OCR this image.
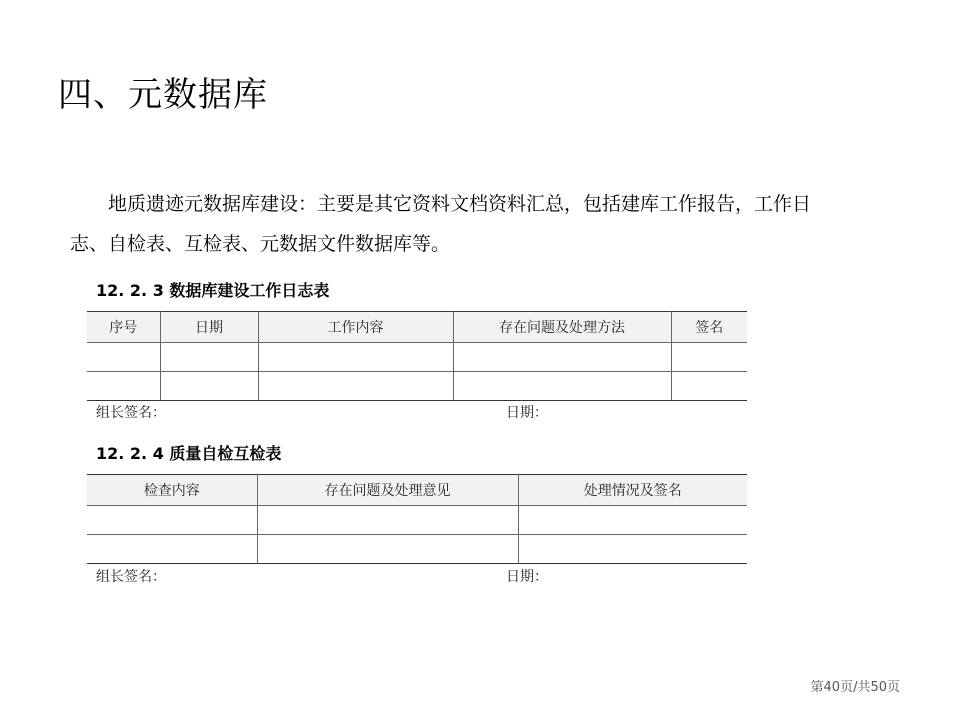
四、元数据库
地质遗迹元数据库建设：主要是其它资料文档资料汇总，包括建库工作报告，工作日志、自检表、互检表、元数据文件数据库等。
12. 2. 3 数据库建设工作日志表
序号	日期	工作内容	存在问题及处理方法	签名

组长签名：	日期：
12. 2. 4 质量自检互检表
检查内容	存在问题及处理意见	处理情况及签名

组长签名：	日期：
第40页/共50页
